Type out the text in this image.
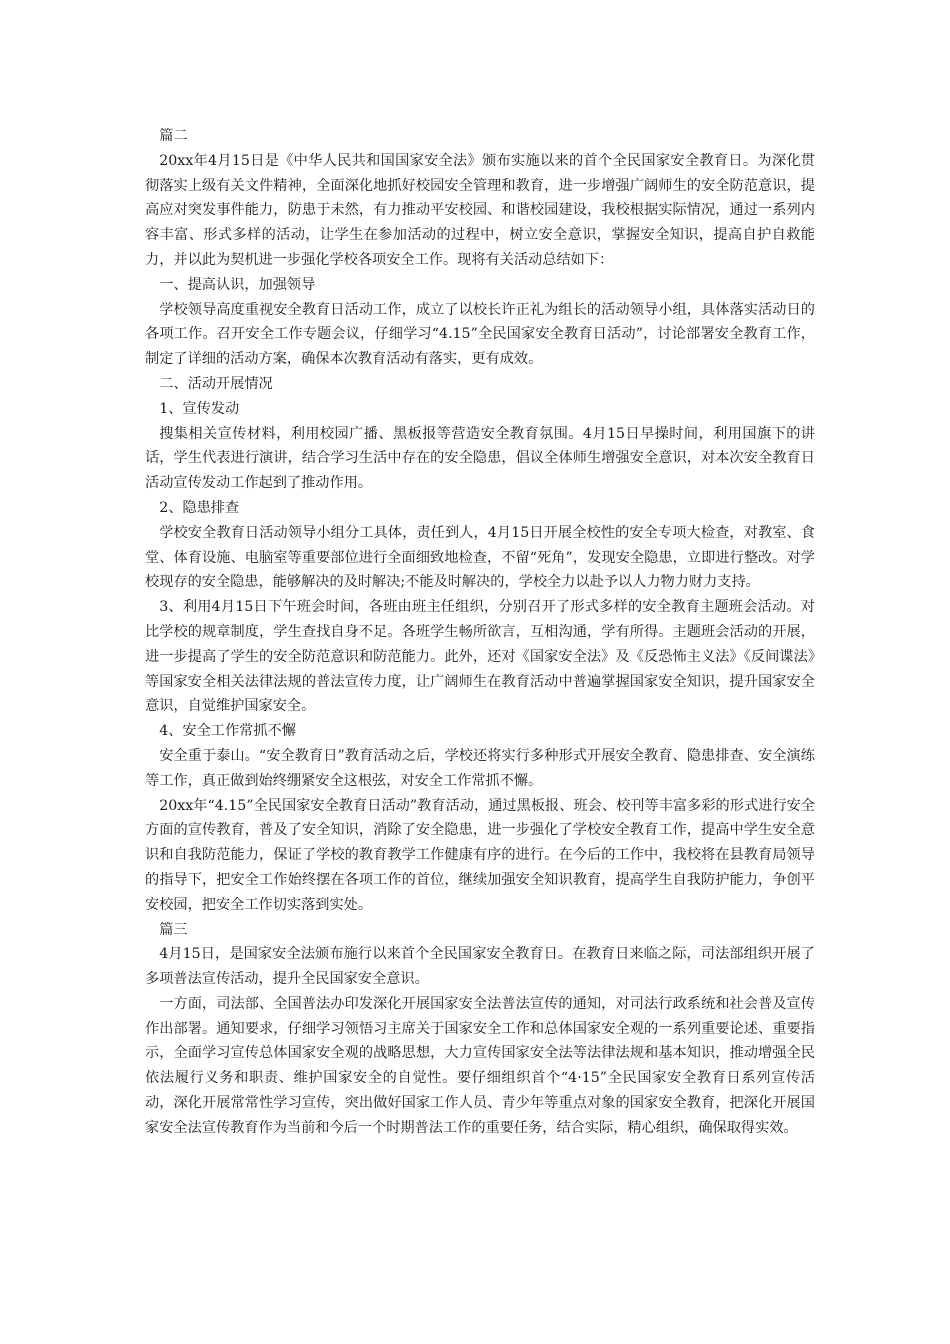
篇二

20xx年4月15日是《中华人民共和国国家安全法》颁布实施以来的首个全民国家安全教育日。为深化贯彻落实上级有关文件精神，全面深化地抓好校园安全管理和教育，进一步增强广阔师生的安全防范意识，提高应对突发事件能力，防患于未然，有力推动平安校园、和谐校园建设，我校根据实际情况，通过一系列内容丰富、形式多样的活动，让学生在参加活动的过程中，树立安全意识，掌握安全知识，提高自护自救能力，并以此为契机进一步强化学校各项安全工作。现将有关活动总结如下：

一、提高认识，加强领导

学校领导高度重视安全教育日活动工作，成立了以校长许正礼为组长的活动领导小组，具体落实活动日的各项工作。召开安全工作专题会议，仔细学习“4.15”全民国家安全教育日活动”，讨论部署安全教育工作，制定了详细的活动方案，确保本次教育活动有落实，更有成效。

二、活动开展情况

1、宣传发动

搜集相关宣传材料，利用校园广播、黑板报等营造安全教育氛围。4月15日早操时间，利用国旗下的讲话，学生代表进行演讲，结合学习生活中存在的安全隐患，倡议全体师生增强安全意识，对本次安全教育日活动宣传发动工作起到了推动作用。

2、隐患排查

学校安全教育日活动领导小组分工具体，责任到人，4月15日开展全校性的安全专项大检查，对教室、食堂、体育设施、电脑室等重要部位进行全面细致地检查，不留“死角”，发现安全隐患，立即进行整改。对学校现存的安全隐患，能够解决的及时解决;不能及时解决的，学校全力以赴予以人力物力财力支持。

3、利用4月15日下午班会时间，各班由班主任组织，分别召开了形式多样的安全教育主题班会活动。对比学校的规章制度，学生查找自身不足。各班学生畅所欲言，互相沟通，学有所得。主题班会活动的开展，进一步提高了学生的安全防范意识和防范能力。此外，还对《国家安全法》及《反恐怖主义法》《反间谍法》等国家安全相关法律法规的普法宣传力度，让广阔师生在教育活动中普遍掌握国家安全知识，提升国家安全意识，自觉维护国家安全。

4、安全工作常抓不懈

安全重于泰山。“安全教育日”教育活动之后，学校还将实行多种形式开展安全教育、隐患排查、安全演练等工作，真正做到始终绷紧安全这根弦，对安全工作常抓不懈。

20xx年“4.15”全民国家安全教育日活动”教育活动，通过黑板报、班会、校刊等丰富多彩的形式进行安全方面的宣传教育，普及了安全知识，消除了安全隐患，进一步强化了学校安全教育工作，提高中学生安全意识和自我防范能力，保证了学校的教育教学工作健康有序的进行。在今后的工作中，我校将在县教育局领导的指导下，把安全工作始终摆在各项工作的首位，继续加强安全知识教育，提高学生自我防护能力，争创平安校园，把安全工作切实落到实处。

篇三

4月15日，是国家安全法颁布施行以来首个全民国家安全教育日。在教育日来临之际，司法部组织开展了多项普法宣传活动，提升全民国家安全意识。

一方面，司法部、全国普法办印发深化开展国家安全法普法宣传的通知，对司法行政系统和社会普及宣传作出部署。通知要求，仔细学习领悟习主席关于国家安全工作和总体国家安全观的一系列重要论述、重要指示，全面学习宣传总体国家安全观的战略思想，大力宣传国家安全法等法律法规和基本知识，推动增强全民依法履行义务和职责、维护国家安全的自觉性。要仔细组织首个“4·15”全民国家安全教育日系列宣传活动，深化开展常常性学习宣传，突出做好国家工作人员、青少年等重点对象的国家安全教育，把深化开展国家安全法宣传教育作为当前和今后一个时期普法工作的重要任务，结合实际，精心组织，确保取得实效。
